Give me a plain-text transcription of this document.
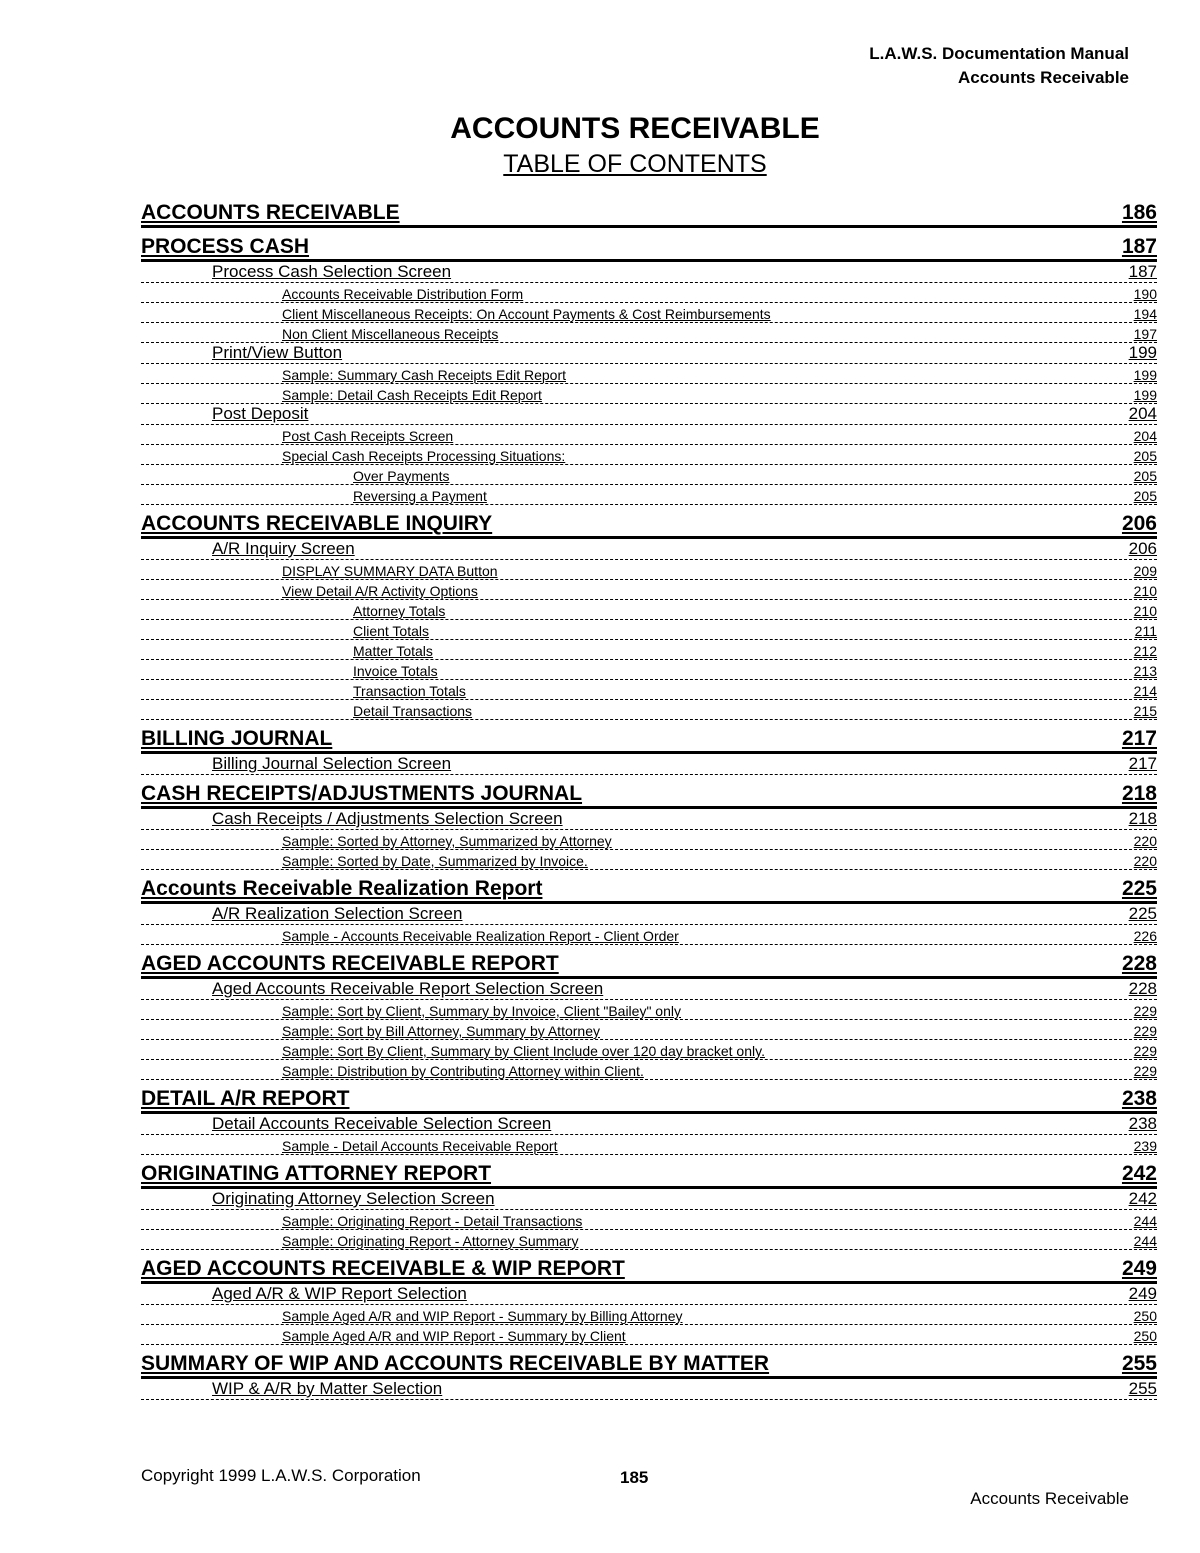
L.A.W.S. Documentation Manual
Accounts Receivable
ACCOUNTS RECEIVABLE
TABLE OF CONTENTS
ACCOUNTS RECEIVABLE	186
PROCESS CASH	187
Process Cash Selection Screen	187
Accounts Receivable Distribution Form	190
Client Miscellaneous Receipts: On Account Payments & Cost Reimbursements	194
Non Client Miscellaneous Receipts	197
Print/View Button	199
Sample: Summary Cash Receipts Edit Report	199
Sample: Detail Cash Receipts Edit Report	199
Post Deposit	204
Post Cash Receipts Screen	204
Special Cash Receipts Processing Situations:	205
Over Payments	205
Reversing a Payment	205
ACCOUNTS RECEIVABLE INQUIRY	206
A/R Inquiry Screen	206
DISPLAY SUMMARY DATA Button	209
View Detail A/R Activity Options	210
Attorney Totals	210
Client Totals	211
Matter Totals	212
Invoice Totals	213
Transaction Totals	214
Detail Transactions	215
BILLING JOURNAL	217
Billing Journal Selection Screen	217
CASH RECEIPTS/ADJUSTMENTS JOURNAL	218
Cash Receipts / Adjustments Selection Screen	218
Sample: Sorted by Attorney, Summarized by Attorney	220
Sample: Sorted by Date, Summarized by Invoice.	220
Accounts Receivable Realization Report	225
A/R Realization Selection Screen	225
Sample - Accounts Receivable Realization Report - Client Order	226
AGED ACCOUNTS RECEIVABLE REPORT	228
Aged Accounts Receivable Report Selection Screen	228
Sample: Sort by Client, Summary by Invoice, Client "Bailey" only	229
Sample: Sort by Bill Attorney, Summary by Attorney	229
Sample: Sort By Client, Summary by Client Include over 120 day bracket only.	229
Sample: Distribution by Contributing Attorney within Client.	229
DETAIL A/R REPORT	238
Detail Accounts Receivable Selection Screen	238
Sample - Detail Accounts Receivable Report	239
ORIGINATING ATTORNEY REPORT	242
Originating Attorney Selection Screen	242
Sample: Originating Report - Detail Transactions	244
Sample: Originating Report - Attorney Summary	244
AGED ACCOUNTS RECEIVABLE & WIP REPORT	249
Aged A/R & WIP Report Selection	249
Sample Aged A/R and WIP Report - Summary by Billing Attorney	250
Sample Aged A/R and WIP Report - Summary by Client	250
SUMMARY OF WIP AND ACCOUNTS RECEIVABLE BY MATTER	255
WIP & A/R by Matter Selection	255
Copyright 1999 L.A.W.S. Corporation	185
Accounts Receivable
